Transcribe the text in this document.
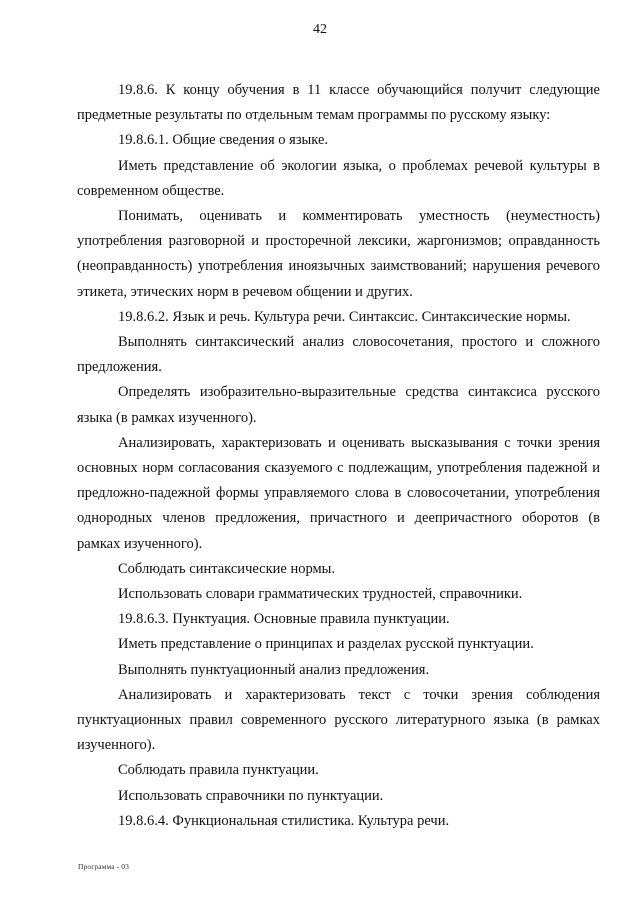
42

19.8.6. К концу обучения в 11 классе обучающийся получит следующие предметные результаты по отдельным темам программы по русскому языку:

19.8.6.1. Общие сведения о языке.

Иметь представление об экологии языка, о проблемах речевой культуры в современном обществе.

Понимать, оценивать и комментировать уместность (неуместность) употребления разговорной и просторечной лексики, жаргонизмов; оправданность (неоправданность) употребления иноязычных заимствований; нарушения речевого этикета, этических норм в речевом общении и других.

19.8.6.2. Язык и речь. Культура речи. Синтаксис. Синтаксические нормы.

Выполнять синтаксический анализ словосочетания, простого и сложного предложения.

Определять изобразительно-выразительные средства синтаксиса русского языка (в рамках изученного).

Анализировать, характеризовать и оценивать высказывания с точки зрения основных норм согласования сказуемого с подлежащим, употребления падежной и предложно-падежной формы управляемого слова в словосочетании, употребления однородных членов предложения, причастного и деепричастного оборотов (в рамках изученного).

Соблюдать синтаксические нормы.

Использовать словари грамматических трудностей, справочники.

19.8.6.3. Пунктуация. Основные правила пунктуации.

Иметь представление о принципах и разделах русской пунктуации.

Выполнять пунктуационный анализ предложения.

Анализировать и характеризовать текст с точки зрения соблюдения пунктуационных правил современного русского литературного языка (в рамках изученного).

Соблюдать правила пунктуации.

Использовать справочники по пунктуации.

19.8.6.4. Функциональная стилистика. Культура речи.

Программа - 03
